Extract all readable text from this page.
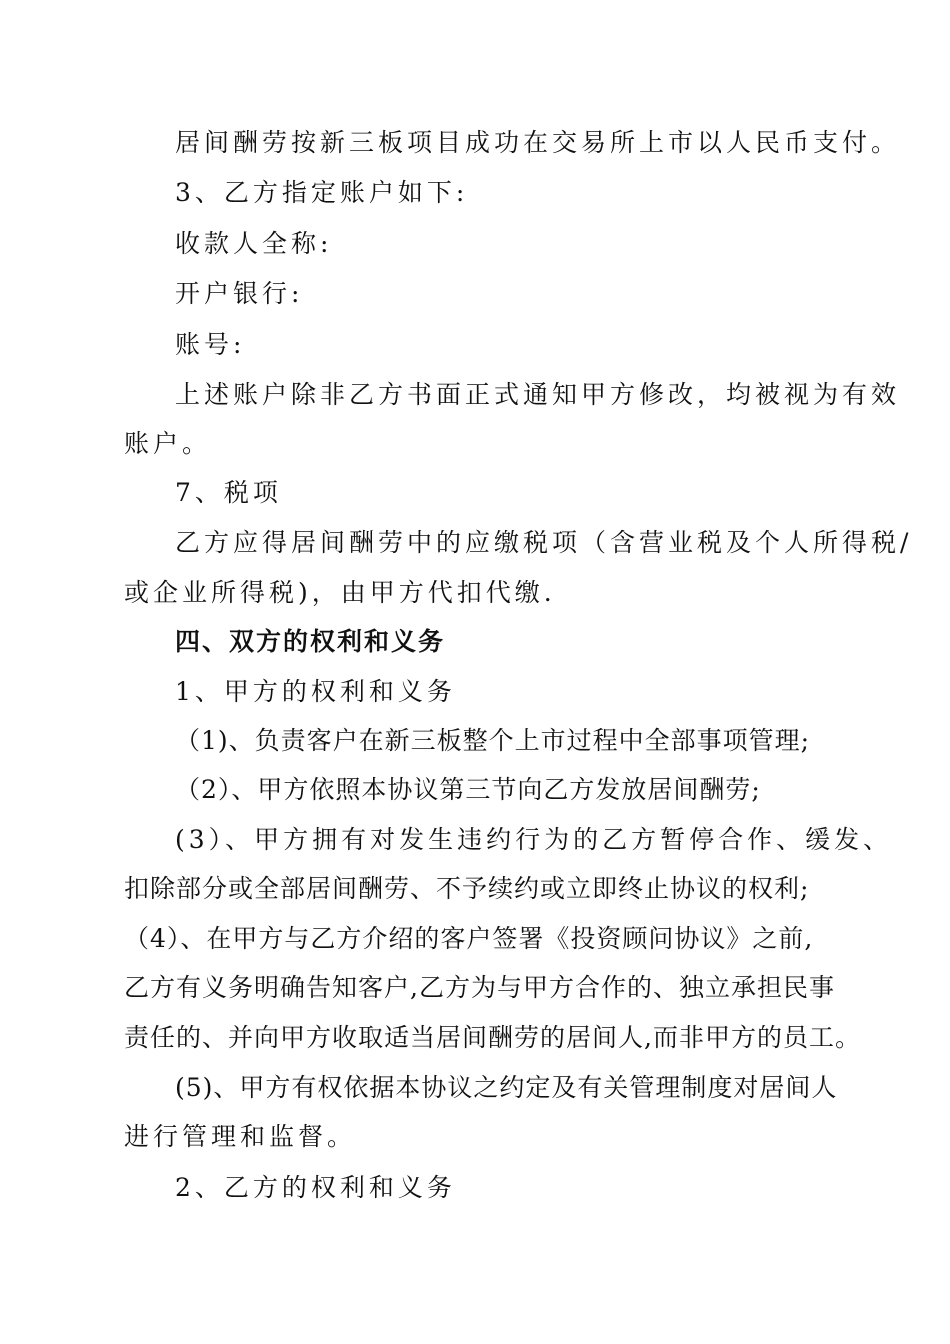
居间酬劳按新三板项目成功在交易所上市以人民币支付。
3、乙方指定账户如下:
收款人全称:
开户银行:
账号:
上述账户除非乙方书面正式通知甲方修改，均被视为有效
账户。
7、税项
乙方应得居间酬劳中的应缴税项（含营业税及个人所得税/
或企业所得税)，由甲方代扣代缴.
四、双方的权利和义务
1、甲方的权利和义务
（1)、负责客户在新三板整个上市过程中全部事项管理;
（2）、甲方依照本协议第三节向乙方发放居间酬劳;
(3）、甲方拥有对发生违约行为的乙方暂停合作、缓发、
扣除部分或全部居间酬劳、不予续约或立即终止协议的权利;
（4）、在甲方与乙方介绍的客户签署《投资顾问协议》之前,
乙方有义务明确告知客户,乙方为与甲方合作的、独立承担民事
责任的、并向甲方收取适当居间酬劳的居间人,而非甲方的员工。
(5)、甲方有权依据本协议之约定及有关管理制度对居间人
进行管理和监督。
2、乙方的权利和义务
